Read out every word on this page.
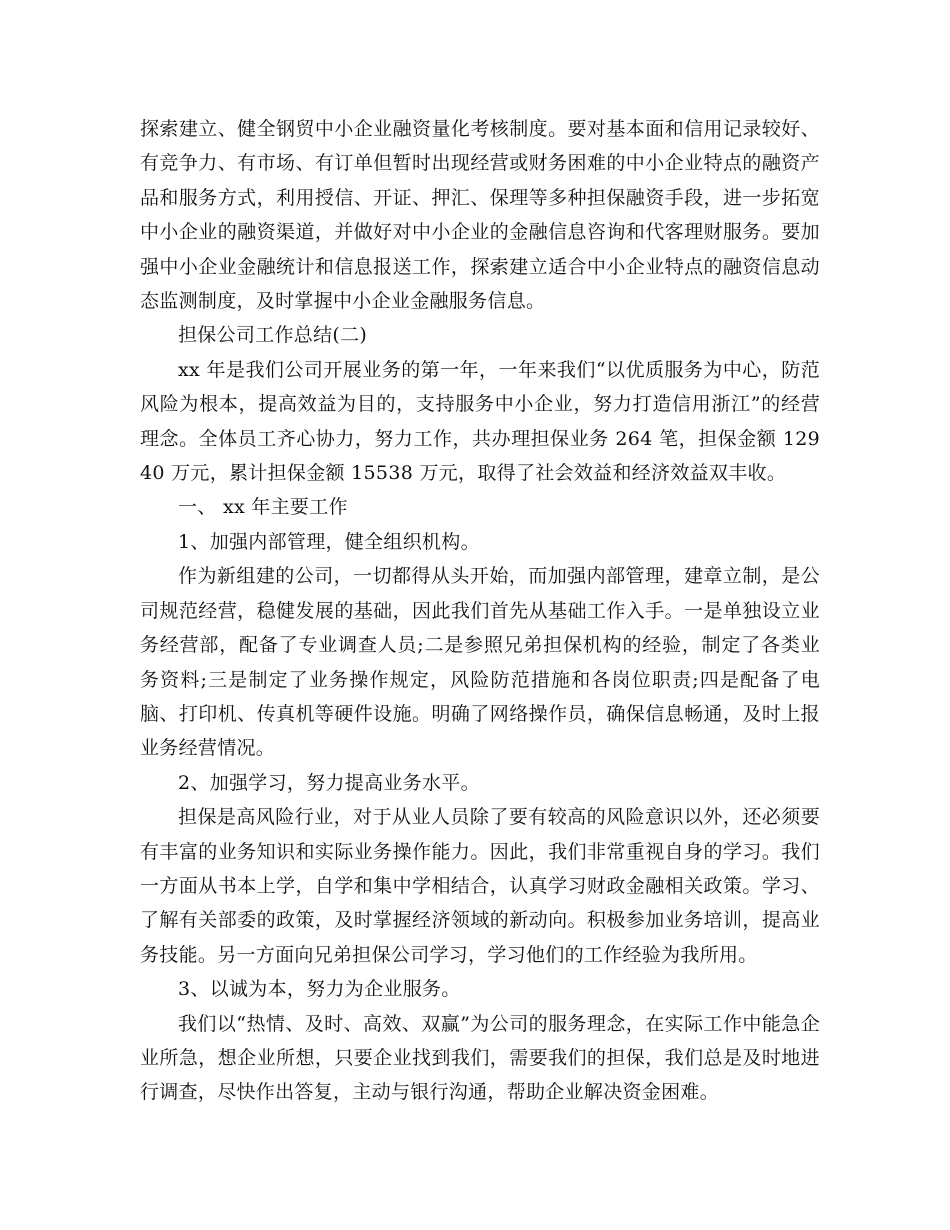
探索建立、健全钢贸中小企业融资量化考核制度。要对基本面和信用记录较好、有竞争力、有市场、有订单但暂时出现经营或财务困难的中小企业特点的融资产品和服务方式，利用授信、开证、押汇、保理等多种担保融资手段，进一步拓宽中小企业的融资渠道，并做好对中小企业的金融信息咨询和代客理财服务。要加强中小企业金融统计和信息报送工作，探索建立适合中小企业特点的融资信息动态监测制度，及时掌握中小企业金融服务信息。

担保公司工作总结(二)

xx 年是我们公司开展业务的第一年，一年来我们“以优质服务为中心，防范风险为根本，提高效益为目的，支持服务中小企业，努力打造信用浙江”的经营理念。全体员工齐心协力，努力工作，共办理担保业务 264 笔，担保金额 12940 万元，累计担保金额 15538 万元，取得了社会效益和经济效益双丰收。

一、 xx 年主要工作

1、加强内部管理，健全组织机构。

作为新组建的公司，一切都得从头开始，而加强内部管理，建章立制，是公司规范经营，稳健发展的基础，因此我们首先从基础工作入手。一是单独设立业务经营部，配备了专业调查人员;二是参照兄弟担保机构的经验，制定了各类业务资料;三是制定了业务操作规定，风险防范措施和各岗位职责;四是配备了电脑、打印机、传真机等硬件设施。明确了网络操作员，确保信息畅通，及时上报业务经营情况。

2、加强学习，努力提高业务水平。

担保是高风险行业，对于从业人员除了要有较高的风险意识以外，还必须要有丰富的业务知识和实际业务操作能力。因此，我们非常重视自身的学习。我们一方面从书本上学，自学和集中学相结合，认真学习财政金融相关政策。学习、了解有关部委的政策，及时掌握经济领域的新动向。积极参加业务培训，提高业务技能。另一方面向兄弟担保公司学习，学习他们的工作经验为我所用。

3、以诚为本，努力为企业服务。

我们以“热情、及时、高效、双赢”为公司的服务理念，在实际工作中能急企业所急，想企业所想，只要企业找到我们，需要我们的担保，我们总是及时地进行调查，尽快作出答复，主动与银行沟通，帮助企业解决资金困难。
